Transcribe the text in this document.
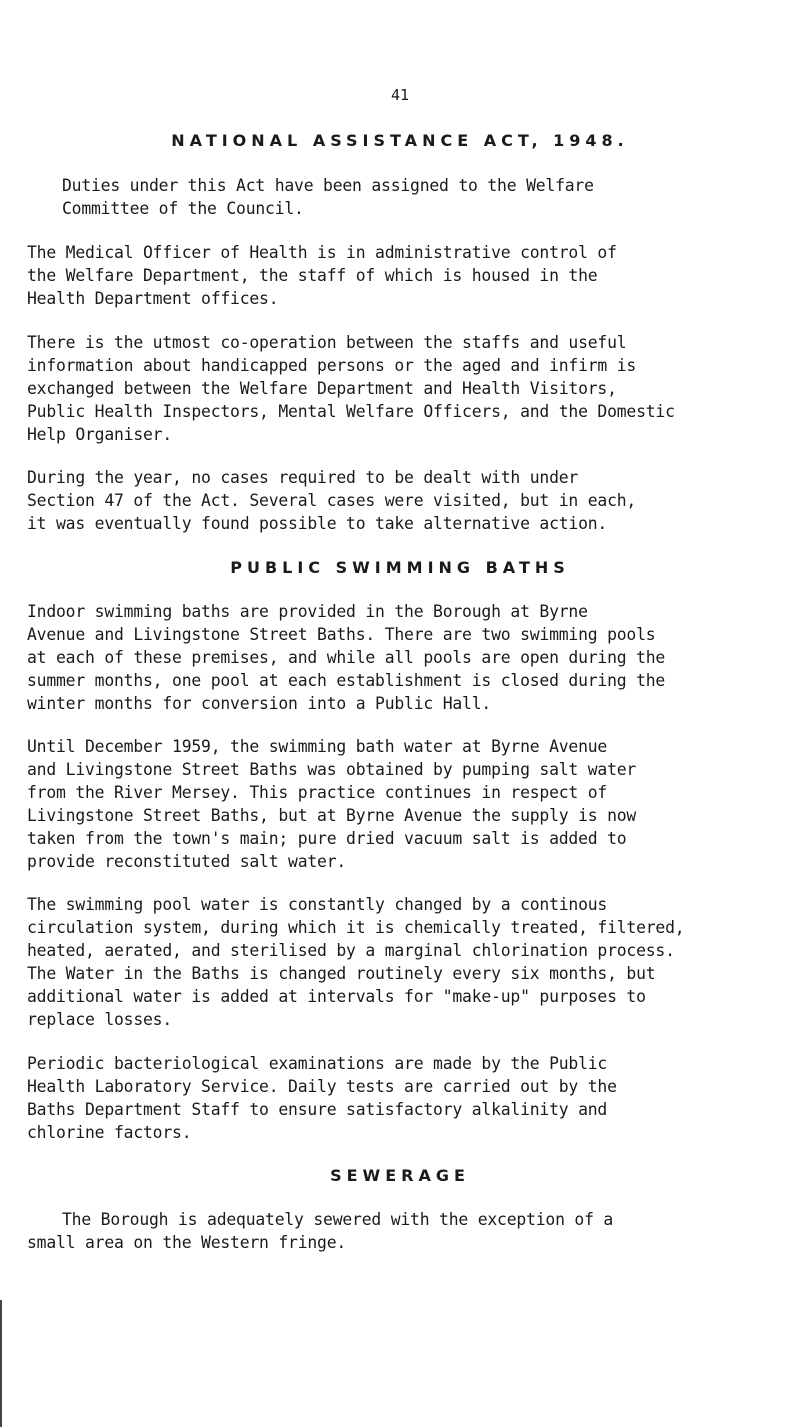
41
NATIONAL ASSISTANCE ACT, 1948.
Duties under this Act have been assigned to the Welfare
Committee of the Council.
The Medical Officer of Health is in administrative control of
the Welfare Department, the staff of which is housed in the
Health Department offices.
There is the utmost co-operation between the staffs and useful
information about handicapped persons or the aged and infirm is
exchanged between the Welfare Department and Health Visitors,
Public Health Inspectors, Mental Welfare Officers, and the Domestic
Help Organiser.
During the year, no cases required to be dealt with under
Section 47 of the Act. Several cases were visited, but in each,
it was eventually found possible to take alternative action.
PUBLIC SWIMMING BATHS
Indoor swimming baths are provided in the Borough at Byrne
Avenue and Livingstone Street Baths. There are two swimming pools
at each of these premises, and while all pools are open during the
summer months, one pool at each establishment is closed during the
winter months for conversion into a Public Hall.
Until December 1959, the swimming bath water at Byrne Avenue
and Livingstone Street Baths was obtained by pumping salt water
from the River Mersey. This practice continues in respect of
Livingstone Street Baths, but at Byrne Avenue the supply is now
taken from the town's main; pure dried vacuum salt is added to
provide reconstituted salt water.
The swimming pool water is constantly changed by a continous
circulation system, during which it is chemically treated, filtered,
heated, aerated, and sterilised by a marginal chlorination process.
The Water in the Baths is changed routinely every six months, but
additional water is added at intervals for "make-up" purposes to
replace losses.
Periodic bacteriological examinations are made by the Public
Health Laboratory Service. Daily tests are carried out by the
Baths Department Staff to ensure satisfactory alkalinity and
chlorine factors.
SEWERAGE
The Borough is adequately sewered with the exception of a
small area on the Western fringe.
